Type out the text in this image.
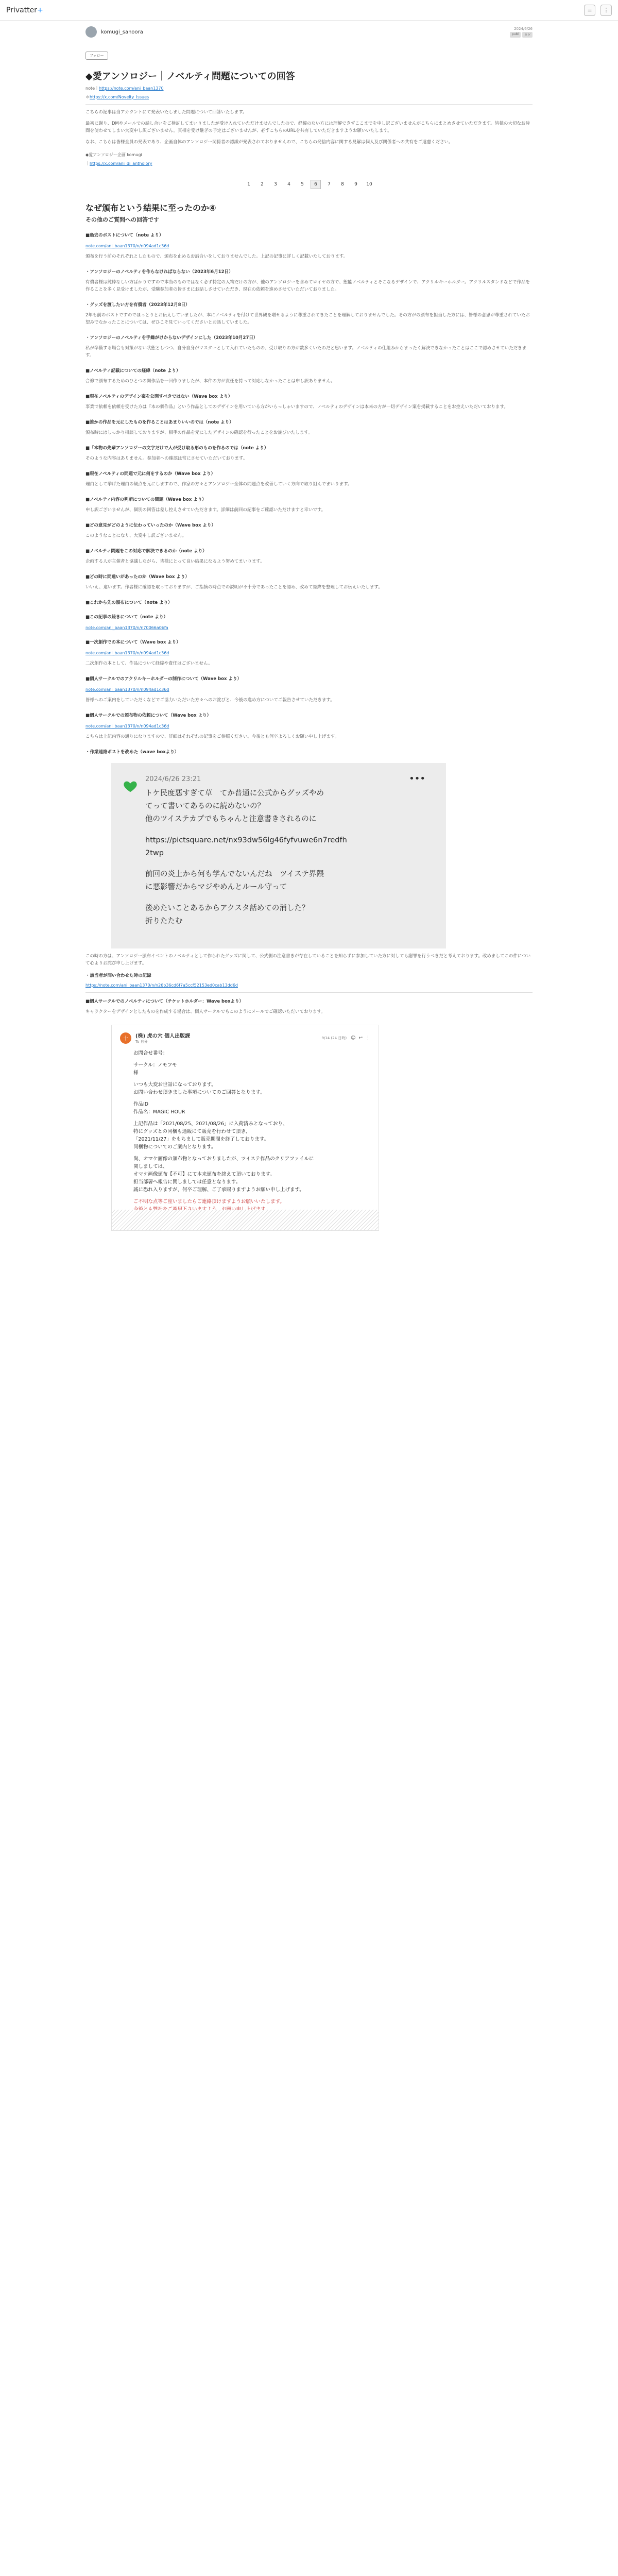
Privatter+	≡	⋮
komugi_sanoora
2024/6/26
publ	タグ
フォロー
◆愛アンソロジー｜ノベルティ問題についての回答
note｜https://note.com/ani_baan1370
＊https://x.com/Novelty_Issues

こちらの記事は当アカウントにて発表いたしました問題について回答いたします。

最初に謝り、DMやメールでの話し合いをご検討してまいりましたが受け入れていただけませんでしたので、経緯のない方には理解できずここまでを申し訳ございませんがこちらにまとめさせていただきます。皆様の大切なお時間を使わせてしまい大変申し訳ございません。真相を受け継ぎの予定はございませんが、必ずこちらのURLを共有していただきますようお願いいたします。

なお、こちらは皆様全員の発表であり、企画自体のアンソロジー関係者の認識が発表されておりませんので、こちらの発信内容に関する見解は個人及び関係者への共有をご遠慮ください。

◆愛アンソロジー企画 komugi
｜https://x.com/ani_di_antholory
1	2	3	4	5	6	7	8	9	10
なぜ頒布という結果に至ったのか④
その他のご質問への回答です
■過去のポストについて（note より）
note.com/ani_baan1370/n/n094ad1c36d

頒布を行う前のそれぞれとしたもので、頒布を止めるお話合いをしておりませんでした。上記の記事に詳しく記載いたしております。

・アンソロジーのノベルティを作らなければならない（2023年6月12日）

有償者様は純粋なしい方ばかりですので本当のものではなく必ず特定の人物だけの方が、他のアンソロジーを含めてロイヤの方で、態能ノベルティとそこなるデザインで、アクリルキーホルダー。アクリルスタンドなどで作品を作ることを多く見受けましたが、受験参加者の皆さまにお話しさせていただき、現在の依頼を進めさせていただいておりました。

・グッズを渡したい方を有償者（2023年12月8日）

2年も前のポストですのでほっとりとお伝えしていましたが、本にノベルティを付けて世界観を増せるように尊重されてきたことを理解しておりませんでした。その方がの頒布を担当した方には、皆様の意思が尊重されていたお望みでなかったことについては、ぜひこそ見ていってくださいとお話していました。

・アンソロジーのノベルティを手繰がけからないデザインにした（2023年10月27日）

私が準備する場合も対策がない状態としつつ、自分自身がマスターとして入れていたものの、受け取りの方が数多くいたのだと思います。ノベルティの仕組みからまったく解決できなかったことはここで認めさせていただきます。

■ノベルティ記載についての経緯（note より）

合修で頒布するためのひとつの開作品を一回作りましたが、本件の方が責任を持って対応しなかったことは申し訳ありません。

■現在ノベルティのデザイン案を公開すべきではない（Wave box より）

事業で依頼を依頼を受けた方は『本の個作品』という作品としてのデザインを用いている方がいらっしゃいますので、ノベルティのデザインは本来の方が一切デザイン案を掲載することをお控えいただいております。

■誰かの作品を元にしたものを作ることはあまりいいのでは（note より）

頒布時にはしっかり相談しておりますが、相手の作品を元にしたデザインの確認を行ったことをお詫びいたします。

■「本物の先輩アンソロジーの文字だけで人が受け取る形のものを作るのでは（note より）

そのような内容はありません。参加者への確認は常にさせていただいております。

■現在ノベルティの問題で元に何をするのか（Wave box より）

理由として挙げた理由の観点を元にしますので、作家の方々とアンソロジー全体の問題点を改善していく方向で取り組んでまいります。

■ノベルティ内容の判断についての問題（Wave box より）

申し訳ございませんが、個別の回答は差し控えさせていただきます。詳細は前回の記事をご確認いただけますと幸いです。

■どの意見がどのように伝わっていったのか（Wave box より）

このようなことになり、大変申し訳ございません。

■ノベルティ問題をこの対応で解決できるのか（note より）

企画する人が主催者と協議しながら、皆様にとって良い結果になるよう努めてまいります。

■どの時に間違いがあったのか（Wave box より）

いいえ、違います。作者様に確認を取っておりますが、ご指摘の時点での説明が不十分であったことを認め、改めて経緯を整理してお伝えいたします。

■これから先の頒布について（note より）
■この記事の続きについて（note より）
note.com/ani_baan1370/n/n70066a0bfa
■一次創作での本について（Wave box より）
note.com/ani_baan1370/n/n094ad1c36d

二次創作の本として、作品について経緯や責任はございません。

■個人サークルでのアクリルキーホルダーの制作について（Wave box より）
note.com/ani_baan1370/n/n094ad1c36d

皆様へのご案内をしていただくなどでご協力いただいた方々へのお詫びと、今後の進め方についてご報告させていただきます。

■個人サークルでの頒布物の依頼について（Wave box より）
note.com/ani_baan1370/n/n094ad1c36d

こちらは上記内容の通りになりますので、詳細はそれぞれの記事をご参照ください。今後とも何卒よろしくお願い申し上げます。

・作業連絡ポストを改めた（wave boxより）
•••
2024/6/26 23:21
トケ民度悪すぎて草　てか普通に公式からグッズやめ
てって書いてあるのに読めないの？
他のツイステカプでもちゃんと注意書きされるのに
https://pictsquare.net/nx93dw56lg46fyfvuwe6n7redfh
2twp
前回の炎上から何も学んでないんだね　ツイステ界隈
に悪影響だからマジやめんとルール守って
後めたいことあるからアクスタ話めての消した？
折りたたむ

この時の方は、アンソロジー頒布イベントのノベルティとして作られたグッズに関して、公式側の注意書きが存在していることを知らずに参加していた方に対しても謝罪を行うべきだと考えております。改めましてこの件について心よりお詫び申し上げます。

・該当者が問い合わせた時の記録
https://note.com/ani_baan1370/n/n26b36cd6f7a5ccf52153ed0cab13dd6d
■個人サークルでのノベルティについて（チケットホルダー：Wave boxより）

キャラクターをデザインとしたものを作成する場合は、個人サークルでもこのようにメールでご確認いただいております。

十	(株) 虎の穴 個人出版課
To 自分
9/14 (24 日時) ☺ ↩ ⋮
お問合せ番号：
サークル：ノモフモ
様
いつも大変お世話になっております。
お問い合わせ頂きました事項についてのご回答となります。
作品ID
作品名：MAGIC HOUR
上記作品は「2021/08/25、2021/08/26」に入荷済みとなっており、
特にグッズとの同梱も通販にて販売を行わせて頂き、
「2021/11/27」をもちまして販売期間を終了しております。
同梱物についてのご案内となります。
尚、オマケ画像の頒布物となっておりましたが、ツイステ作品のクリアファイルに
関しましては、
オマケ画像頒布【不可】にて本来頒布を終えて頂いております。
担当部署へ報告に関しましては任意となります。
誠に恐れ入りますが、何卒ご理解、ご了承賜りますようお願い申し上げます。
ご不明な点等ご座いましたらご連絡頂けますようお願いいたします。
